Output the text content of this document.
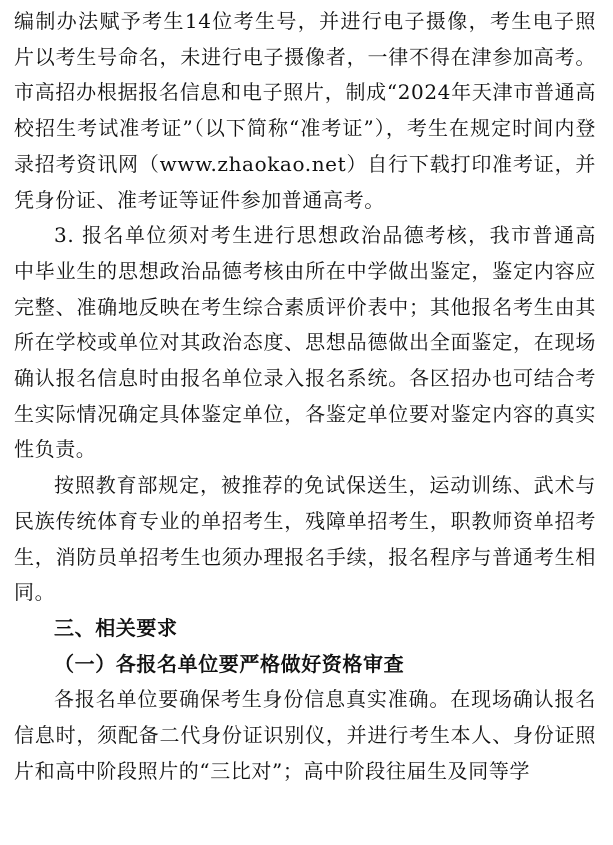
编制办法赋予考生14位考生号，并进行电子摄像，考生电子照片以考生号命名，未进行电子摄像者，一律不得在津参加高考。市高招办根据报名信息和电子照片，制成“2024年天津市普通高校招生考试准考证”（以下简称“准考证”），考生在规定时间内登录招考资讯网（www.zhaokao.net）自行下载打印准考证，并凭身份证、准考证等证件参加普通高考。

3. 报名单位须对考生进行思想政治品德考核，我市普通高中毕业生的思想政治品德考核由所在中学做出鉴定，鉴定内容应完整、准确地反映在考生综合素质评价表中；其他报名考生由其所在学校或单位对其政治态度、思想品德做出全面鉴定，在现场确认报名信息时由报名单位录入报名系统。各区招办也可结合考生实际情况确定具体鉴定单位，各鉴定单位要对鉴定内容的真实性负责。

按照教育部规定，被推荐的免试保送生，运动训练、武术与民族传统体育专业的单招考生，残障单招考生，职教师资单招考生，消防员单招考生也须办理报名手续，报名程序与普通考生相同。

三、相关要求

（一）各报名单位要严格做好资格审查

各报名单位要确保考生身份信息真实准确。在现场确认报名信息时，须配备二代身份证识别仪，并进行考生本人、身份证照片和高中阶段照片的“三比对”；高中阶段往届生及同等学
